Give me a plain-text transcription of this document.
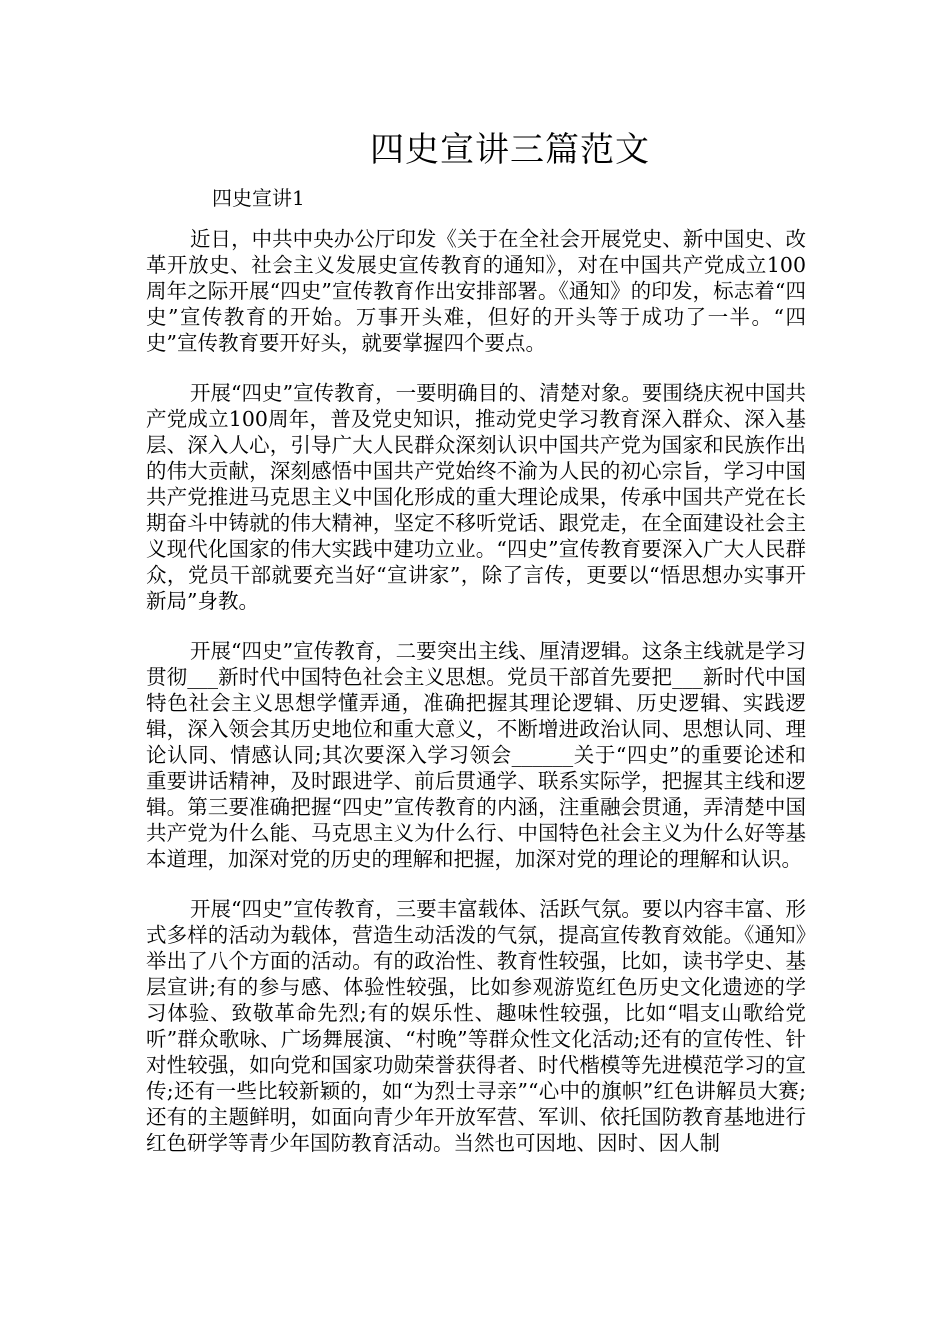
四史宣讲三篇范文
四史宣讲1

近日，中共中央办公厅印发《关于在全社会开展党史、新中国史、改革开放史、社会主义发展史宣传教育的通知》，对在中国共产党成立100周年之际开展“四史”宣传教育作出安排部署。《通知》的印发，标志着“四史”宣传教育的开始。万事开头难，但好的开头等于成功了一半。“四史”宣传教育要开好头，就要掌握四个要点。

开展“四史”宣传教育，一要明确目的、清楚对象。要围绕庆祝中国共产党成立100周年，普及党史知识，推动党史学习教育深入群众、深入基层、深入人心，引导广大人民群众深刻认识中国共产党为国家和民族作出的伟大贡献，深刻感悟中国共产党始终不渝为人民的初心宗旨，学习中国共产党推进马克思主义中国化形成的重大理论成果，传承中国共产党在长期奋斗中铸就的伟大精神，坚定不移听党话、跟党走，在全面建设社会主义现代化国家的伟大实践中建功立业。“四史”宣传教育要深入广大人民群众，党员干部就要充当好“宣讲家”，除了言传，更要以“悟思想办实事开新局”身教。

开展“四史”宣传教育，二要突出主线、厘清逻辑。这条主线就是学习贯彻___新时代中国特色社会主义思想。党员干部首先要把___新时代中国特色社会主义思想学懂弄通，准确把握其理论逻辑、历史逻辑、实践逻辑，深入领会其历史地位和重大意义，不断增进政治认同、思想认同、理论认同、情感认同;其次要深入学习领会______关于“四史”的重要论述和重要讲话精神，及时跟进学、前后贯通学、联系实际学，把握其主线和逻辑。第三要准确把握“四史”宣传教育的内涵，注重融会贯通，弄清楚中国共产党为什么能、马克思主义为什么行、中国特色社会主义为什么好等基本道理，加深对党的历史的理解和把握，加深对党的理论的理解和认识。

开展“四史”宣传教育，三要丰富载体、活跃气氛。要以内容丰富、形式多样的活动为载体，营造生动活泼的气氛，提高宣传教育效能。《通知》举出了八个方面的活动。有的政治性、教育性较强，比如，读书学史、基层宣讲;有的参与感、体验性较强，比如参观游览红色历史文化遗迹的学习体验、致敬革命先烈;有的娱乐性、趣味性较强，比如“唱支山歌给党听”群众歌咏、广场舞展演、“村晚”等群众性文化活动;还有的宣传性、针对性较强，如向党和国家功勋荣誉获得者、时代楷模等先进模范学习的宣传;还有一些比较新颖的，如“为烈士寻亲”“心中的旗帜”红色讲解员大赛;还有的主题鲜明，如面向青少年开放军营、军训、依托国防教育基地进行红色研学等青少年国防教育活动。当然也可因地、因时、因人制
